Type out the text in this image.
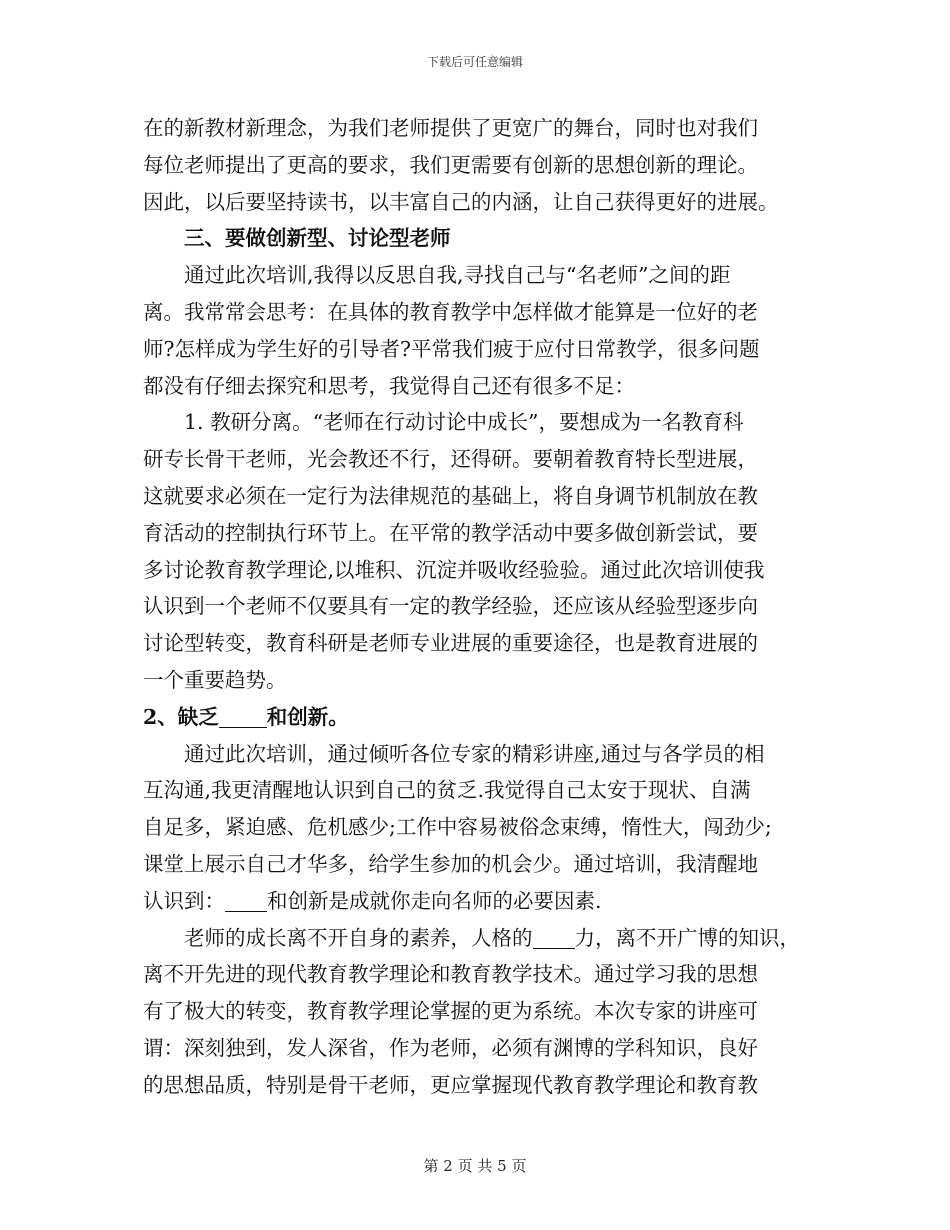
下载后可任意编辑
在的新教材新理念，为我们老师提供了更宽广的舞台，同时也对我们
每位老师提出了更高的要求，我们更需要有创新的思想创新的理论。
因此，以后要坚持读书，以丰富自己的内涵，让自己获得更好的进展。
三、要做创新型、讨论型老师
通过此次培训,我得以反思自我,寻找自己与“名老师”之间的距
离。我常常会思考：在具体的教育教学中怎样做才能算是一位好的老
师?怎样成为学生好的引导者?平常我们疲于应付日常教学，很多问题
都没有仔细去探究和思考，我觉得自己还有很多不足：
1. 教研分离。“老师在行动讨论中成长”，要想成为一名教育科
研专长骨干老师，光会教还不行，还得研。要朝着教育特长型进展，
这就要求必须在一定行为法律规范的基础上，将自身调节机制放在教
育活动的控制执行环节上。在平常的教学活动中要多做创新尝试，要
多讨论教育教学理论,以堆积、沉淀并吸收经验验。通过此次培训使我
认识到一个老师不仅要具有一定的教学经验，还应该从经验型逐步向
讨论型转变，教育科研是老师专业进展的重要途径，也是教育进展的
一个重要趋势。
2、缺乏 和创新。
通过此次培训，通过倾听各位专家的精彩讲座,通过与各学员的相
互沟通,我更清醒地认识到自己的贫乏.我觉得自己太安于现状、自满
自足多，紧迫感、危机感少;工作中容易被俗念束缚，惰性大，闯劲少;
课堂上展示自己才华多，给学生参加的机会少。通过培训，我清醒地
认识到： 和创新是成就你走向名师的必要因素.
老师的成长离不开自身的素养，人格的 力，离不开广博的知识，
离不开先进的现代教育教学理论和教育教学技术。通过学习我的思想
有了极大的转变，教育教学理论掌握的更为系统。本次专家的讲座可
谓：深刻独到，发人深省，作为老师，必须有渊博的学科知识，良好
的思想品质，特别是骨干老师，更应掌握现代教育教学理论和教育教
第 2 页 共 5 页
